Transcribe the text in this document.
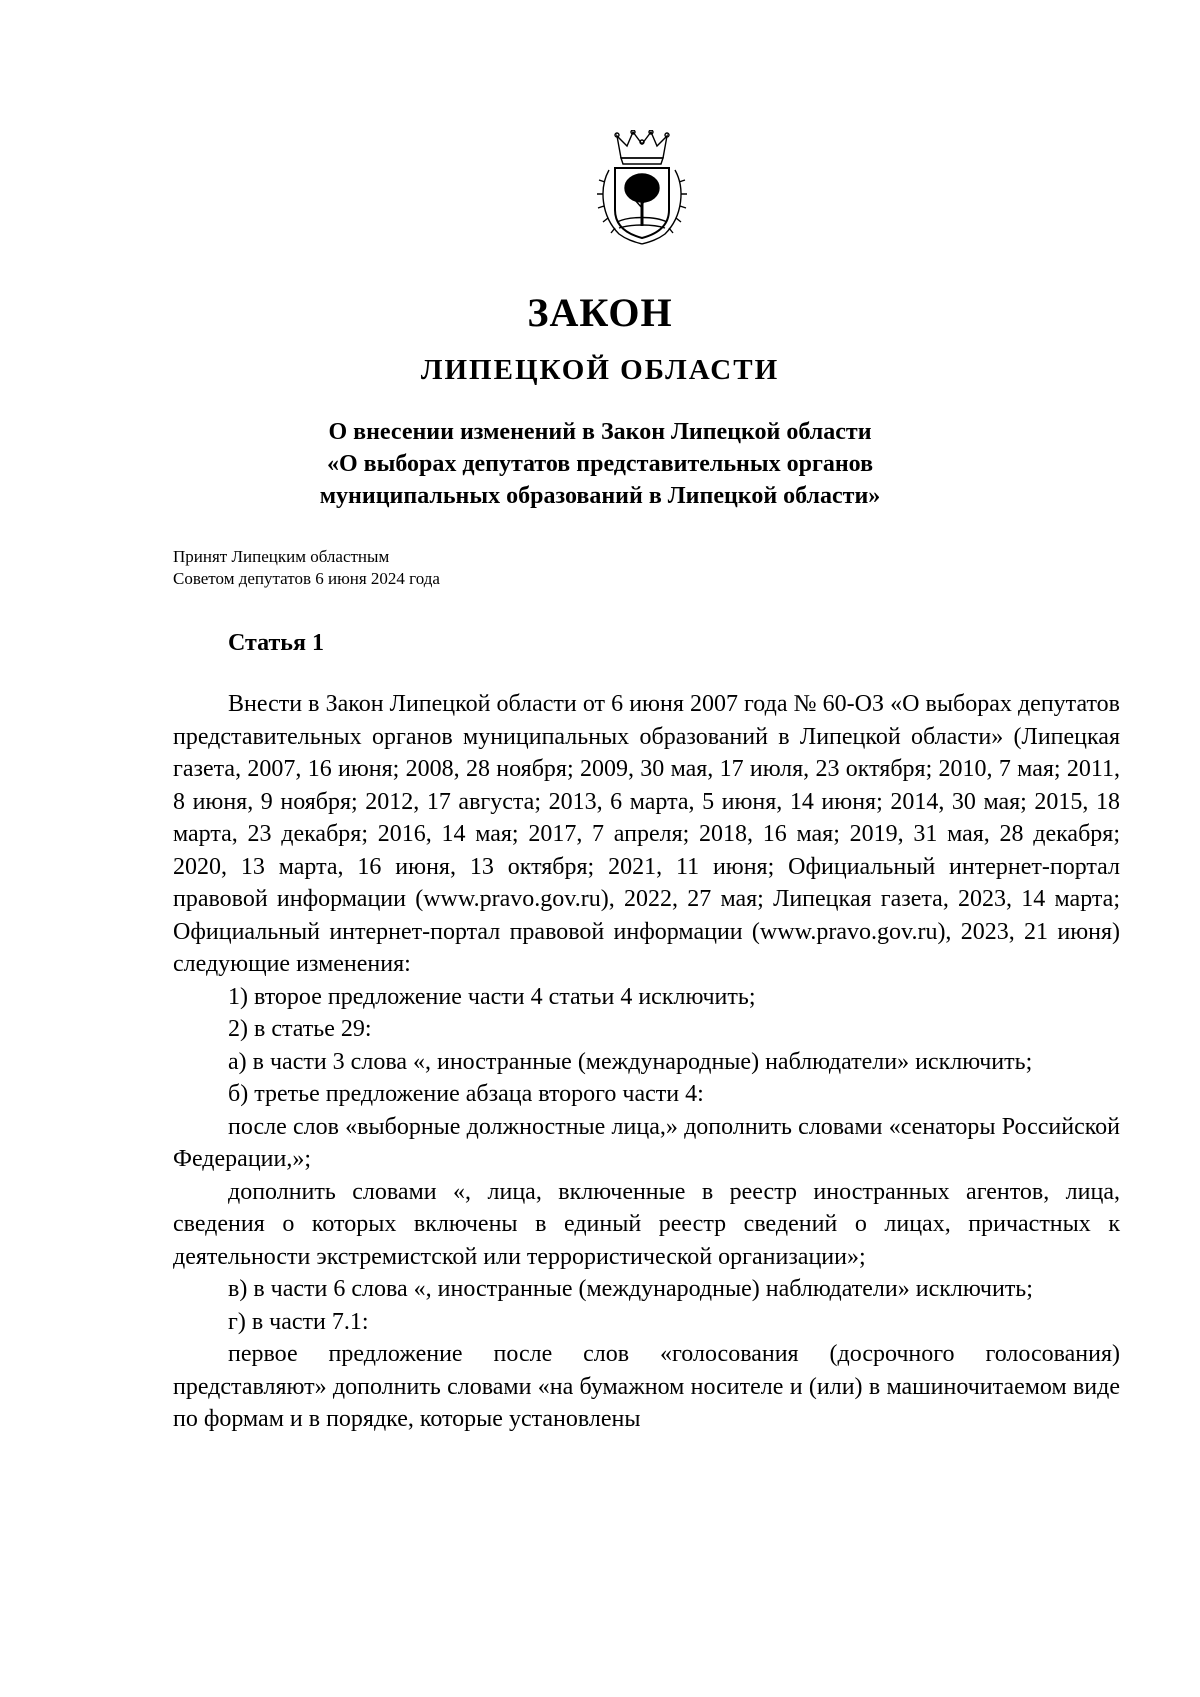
ЗАКОН
ЛИПЕЦКОЙ ОБЛАСТИ
О внесении изменений в Закон Липецкой области
«О выборах депутатов представительных органов
муниципальных образований в Липецкой области»
Принят Липецким областным
Советом депутатов 6 июня 2024 года
Статья 1

Внести в Закон Липецкой области от 6 июня 2007 года № 60-ОЗ «О выборах депутатов представительных органов муниципальных образований в Липецкой области» (Липецкая газета, 2007, 16 июня; 2008, 28 ноября; 2009, 30 мая, 17 июля, 23 октября; 2010, 7 мая; 2011, 8 июня, 9 ноября; 2012, 17 августа; 2013, 6 марта, 5 июня, 14 июня; 2014, 30 мая; 2015, 18 марта, 23 декабря; 2016, 14 мая; 2017, 7 апреля; 2018, 16 мая; 2019, 31 мая, 28 декабря; 2020, 13 марта, 16 июня, 13 октября; 2021, 11 июня; Официальный интернет-портал правовой информации (www.pravo.gov.ru), 2022, 27 мая; Липецкая газета, 2023, 14 марта; Официальный интернет-портал правовой информации (www.pravo.gov.ru), 2023, 21 июня) следующие изменения:

1) второе предложение части 4 статьи 4 исключить;

2) в статье 29:

а) в части 3 слова «, иностранные (международные) наблюдатели» исключить;

б) третье предложение абзаца второго части 4:

после слов «выборные должностные лица,» дополнить словами «сенаторы Российской Федерации,»;

дополнить словами «, лица, включенные в реестр иностранных агентов, лица, сведения о которых включены в единый реестр сведений о лицах, причастных к деятельности экстремистской или террористической организации»;

в) в части 6 слова «, иностранные (международные) наблюдатели» исключить;

г) в части 7.1:

первое предложение после слов «голосования (досрочного голосования) представляют» дополнить словами «на бумажном носителе и (или) в машиночитаемом виде по формам и в порядке, которые установлены
